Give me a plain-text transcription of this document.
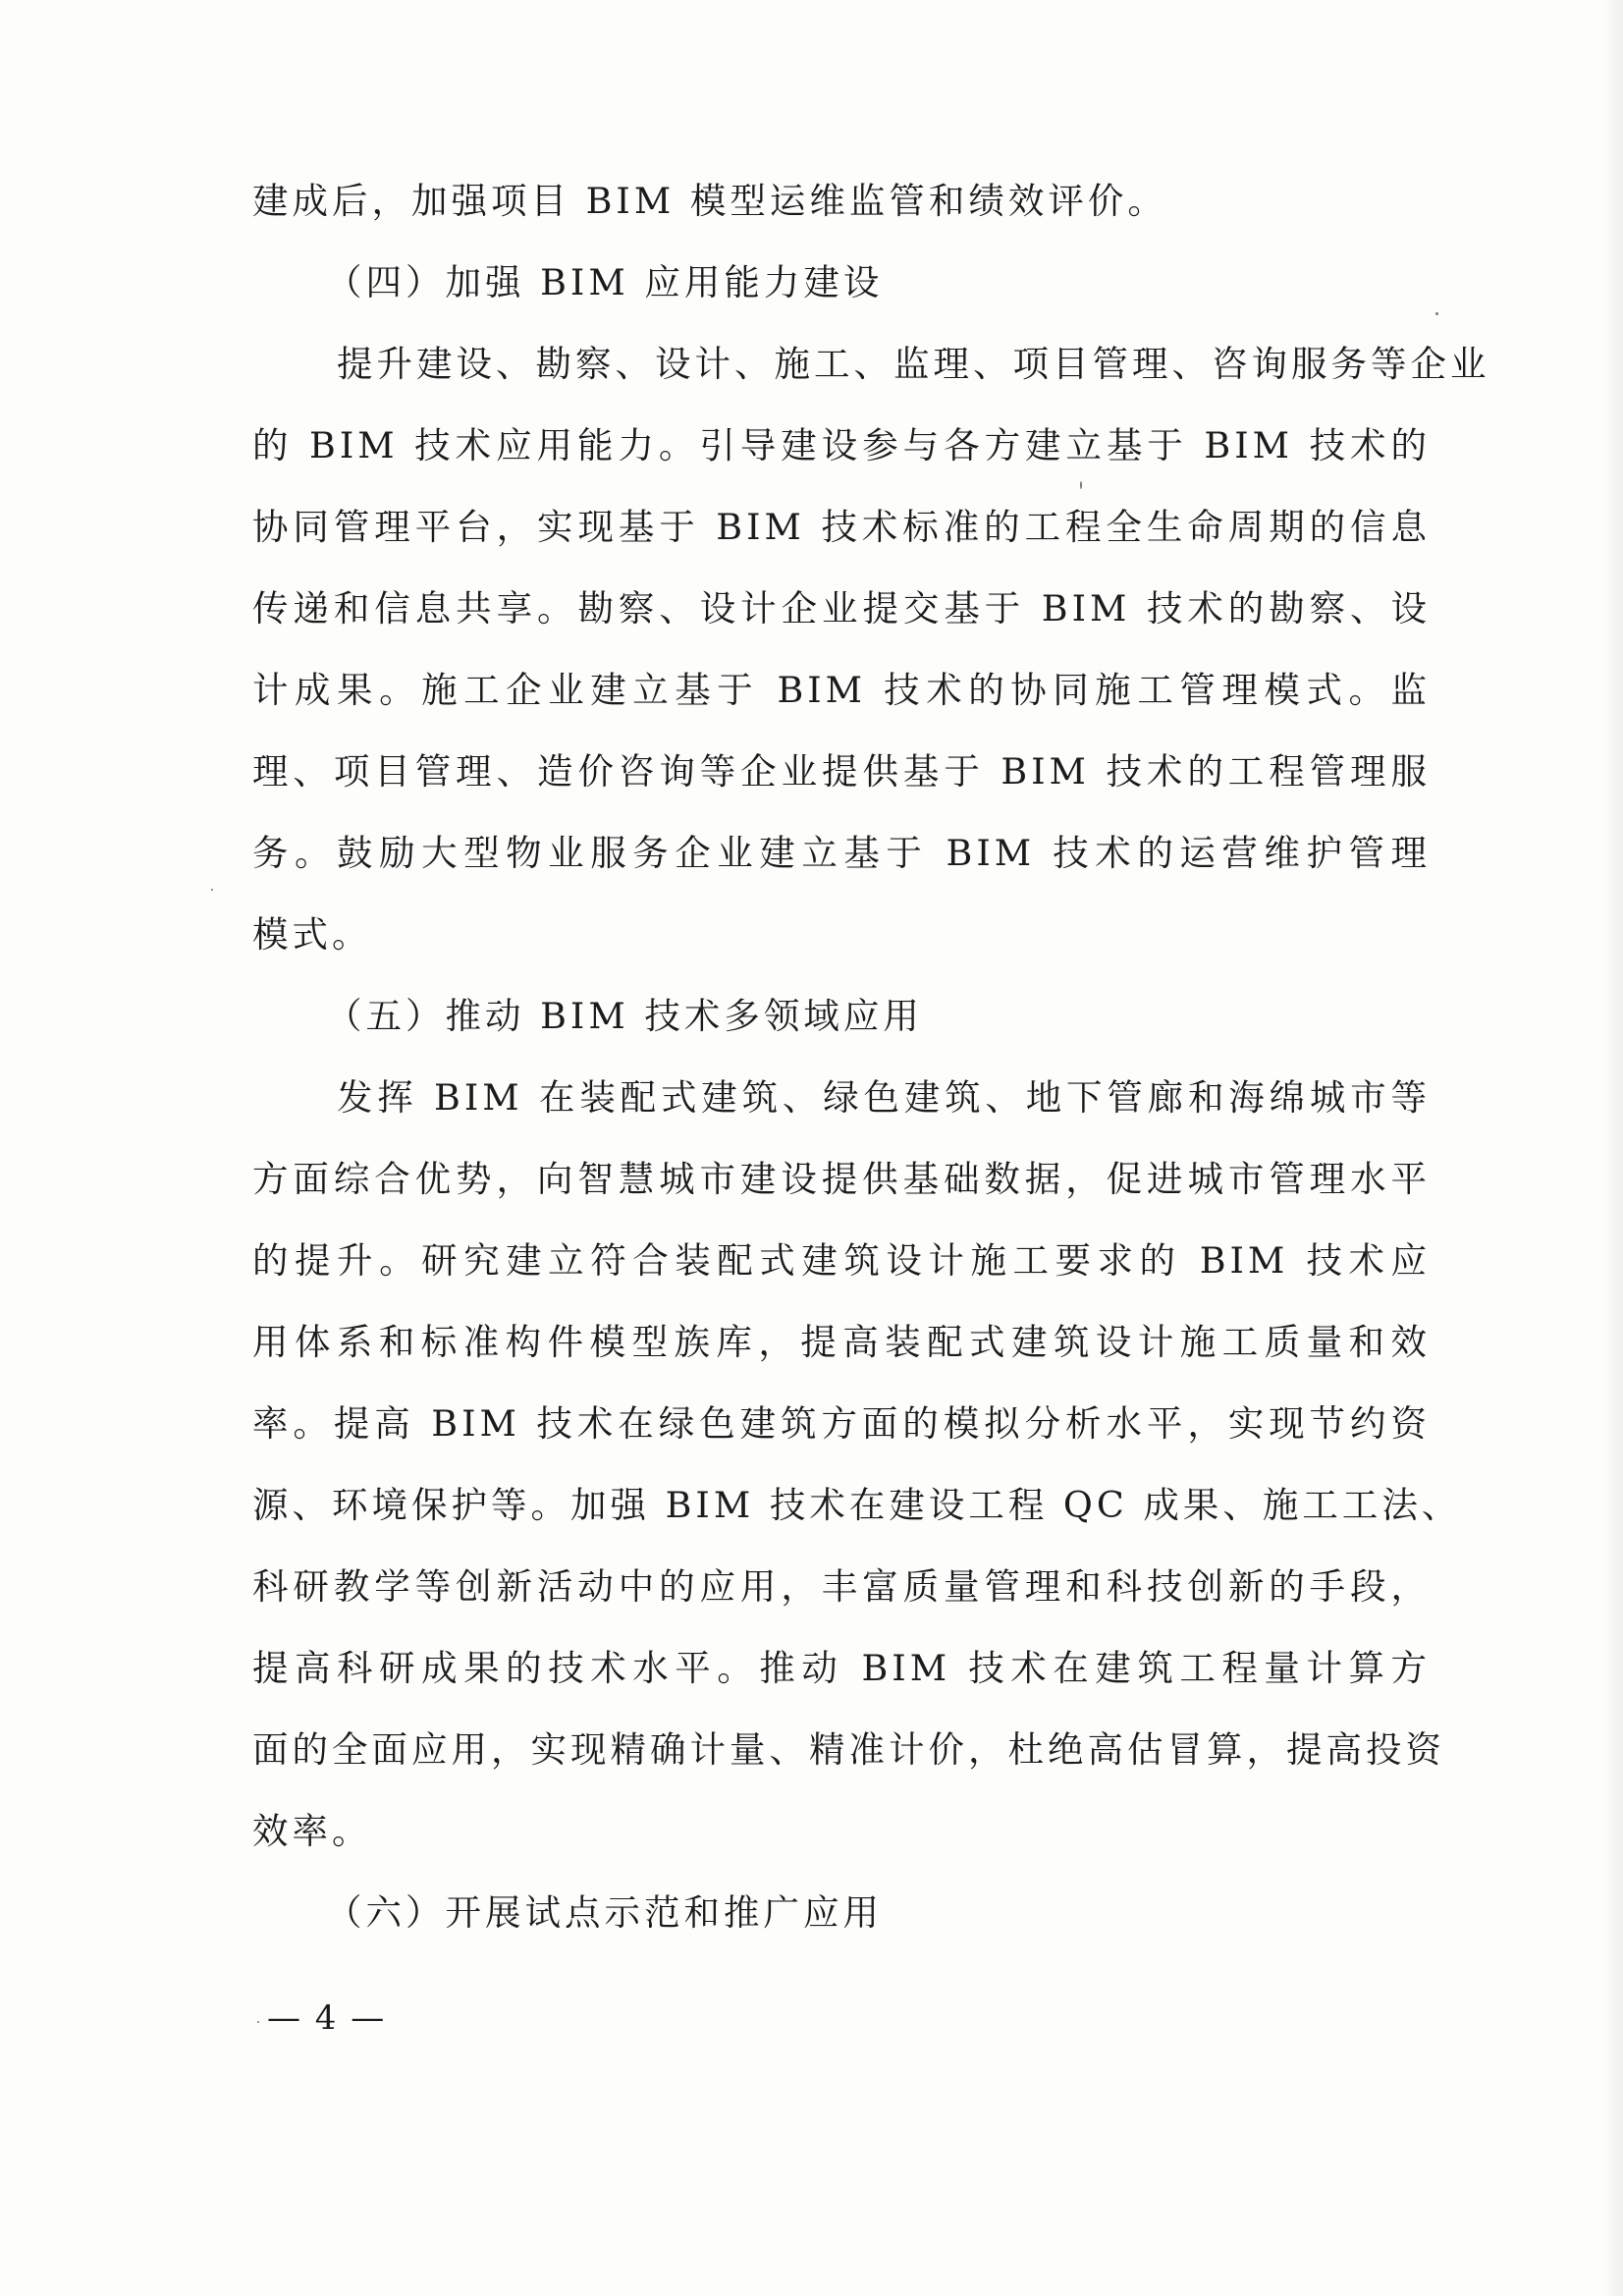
建成后，加强项目 BIM 模型运维监管和绩效评价。
（四）加强 BIM 应用能力建设
提升建设、勘察、设计、施工、监理、项目管理、咨询服务等企业
的 BIM 技术应用能力。引导建设参与各方建立基于 BIM 技术的
协同管理平台，实现基于 BIM 技术标准的工程全生命周期的信息
传递和信息共享。勘察、设计企业提交基于 BIM 技术的勘察、设
计成果。施工企业建立基于 BIM 技术的协同施工管理模式。监
理、项目管理、造价咨询等企业提供基于 BIM 技术的工程管理服
务。鼓励大型物业服务企业建立基于 BIM 技术的运营维护管理
模式。
（五）推动 BIM 技术多领域应用
发挥 BIM 在装配式建筑、绿色建筑、地下管廊和海绵城市等
方面综合优势，向智慧城市建设提供基础数据，促进城市管理水平
的提升。研究建立符合装配式建筑设计施工要求的 BIM 技术应
用体系和标准构件模型族库，提高装配式建筑设计施工质量和效
率。提高 BIM 技术在绿色建筑方面的模拟分析水平，实现节约资
源、环境保护等。加强 BIM 技术在建设工程 QC 成果、施工工法、
科研教学等创新活动中的应用，丰富质量管理和科技创新的手段，
提高科研成果的技术水平。推动 BIM 技术在建筑工程量计算方
面的全面应用，实现精确计量、精准计价，杜绝高估冒算，提高投资
效率。
（六）开展试点示范和推广应用
— 4 —
